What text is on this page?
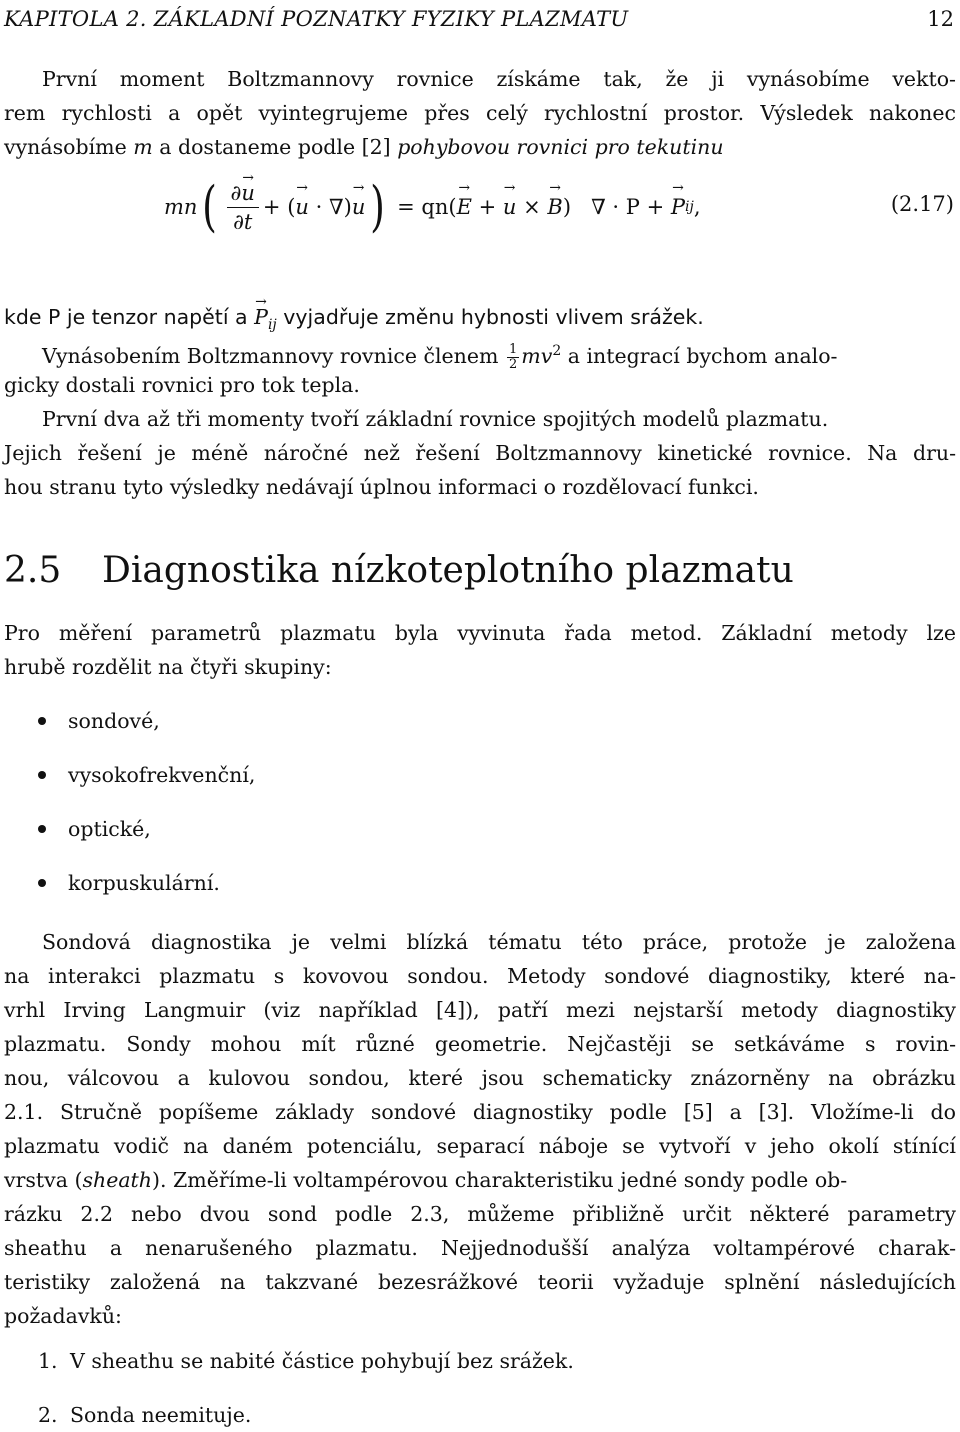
KAPITOLA 2. ZÁKLADNÍ POZNATKY FYZIKY PLAZMATU	12
První moment Boltzmannovy rovnice získáme tak, že ji vynásobíme vekto-
rem rychlosti a opět vyintegrujeme přes celý rychlostní prostor. Výsledek nakonec
vynásobíme m a dostaneme podle [2] pohybovou rovnici pro tekutinu
mn ( $\frac{\partial u \to}{\partial t}$ + ( u → · ∇ ) u → )
= qn( E →
+
u →
×
B → )
∇ · P +
P → ij ,	(2.17)
kde P je tenzor napětí a $P \to_{ij}$ vyjadřuje změnu hybnosti vlivem srážek.
Vynásobením Boltzmannovy rovnice členem $\frac{1}{2} mv^2$ a integrací bychom analo-
gicky dostali rovnici pro tok tepla.
První dva až tři momenty tvoří základní rovnice spojitých modelů plazmatu.
Jejich řešení je méně náročné než řešení Boltzmannovy kinetické rovnice. Na dru-
hou stranu tyto výsledky nedávají úplnou informaci o rozdělovací funkci.
2.5 Diagnostika nízkoteplotního plazmatu
Pro měření parametrů plazmatu byla vyvinuta řada metod. Základní metody lze
hrubě rozdělit na čtyři skupiny:
sondové,
vysokofrekvenční,
optické,
korpuskulární.
Sondová diagnostika je velmi blízká tématu této práce, protože je založena
na interakci plazmatu s kovovou sondou. Metody sondové diagnostiky, které na-
vrhl Irving Langmuir (viz například [4]), patří mezi nejstarší metody diagnostiky
plazmatu. Sondy mohou mít různé geometrie. Nejčastěji se setkáváme s rovin-
nou, válcovou a kulovou sondou, které jsou schematicky znázorněny na obrázku
2.1. Stručně popíšeme základy sondové diagnostiky podle [5] a [3]. Vložíme-li do
plazmatu vodič na daném potenciálu, separací náboje se vytvoří v jeho okolí stínící
vrstva (sheath). Změříme-li voltampérovou charakteristiku jedné sondy podle ob-
rázku 2.2 nebo dvou sond podle 2.3, můžeme přibližně určit některé parametry
sheathu a nenarušeného plazmatu. Nejjednodušší analýza voltampérové charak-
teristiky založená na takzvané bezesrážkové teorii vyžaduje splnění následujících
požadavků:
1. V sheathu se nabité částice pohybují bez srážek.
2. Sonda neemituje.
